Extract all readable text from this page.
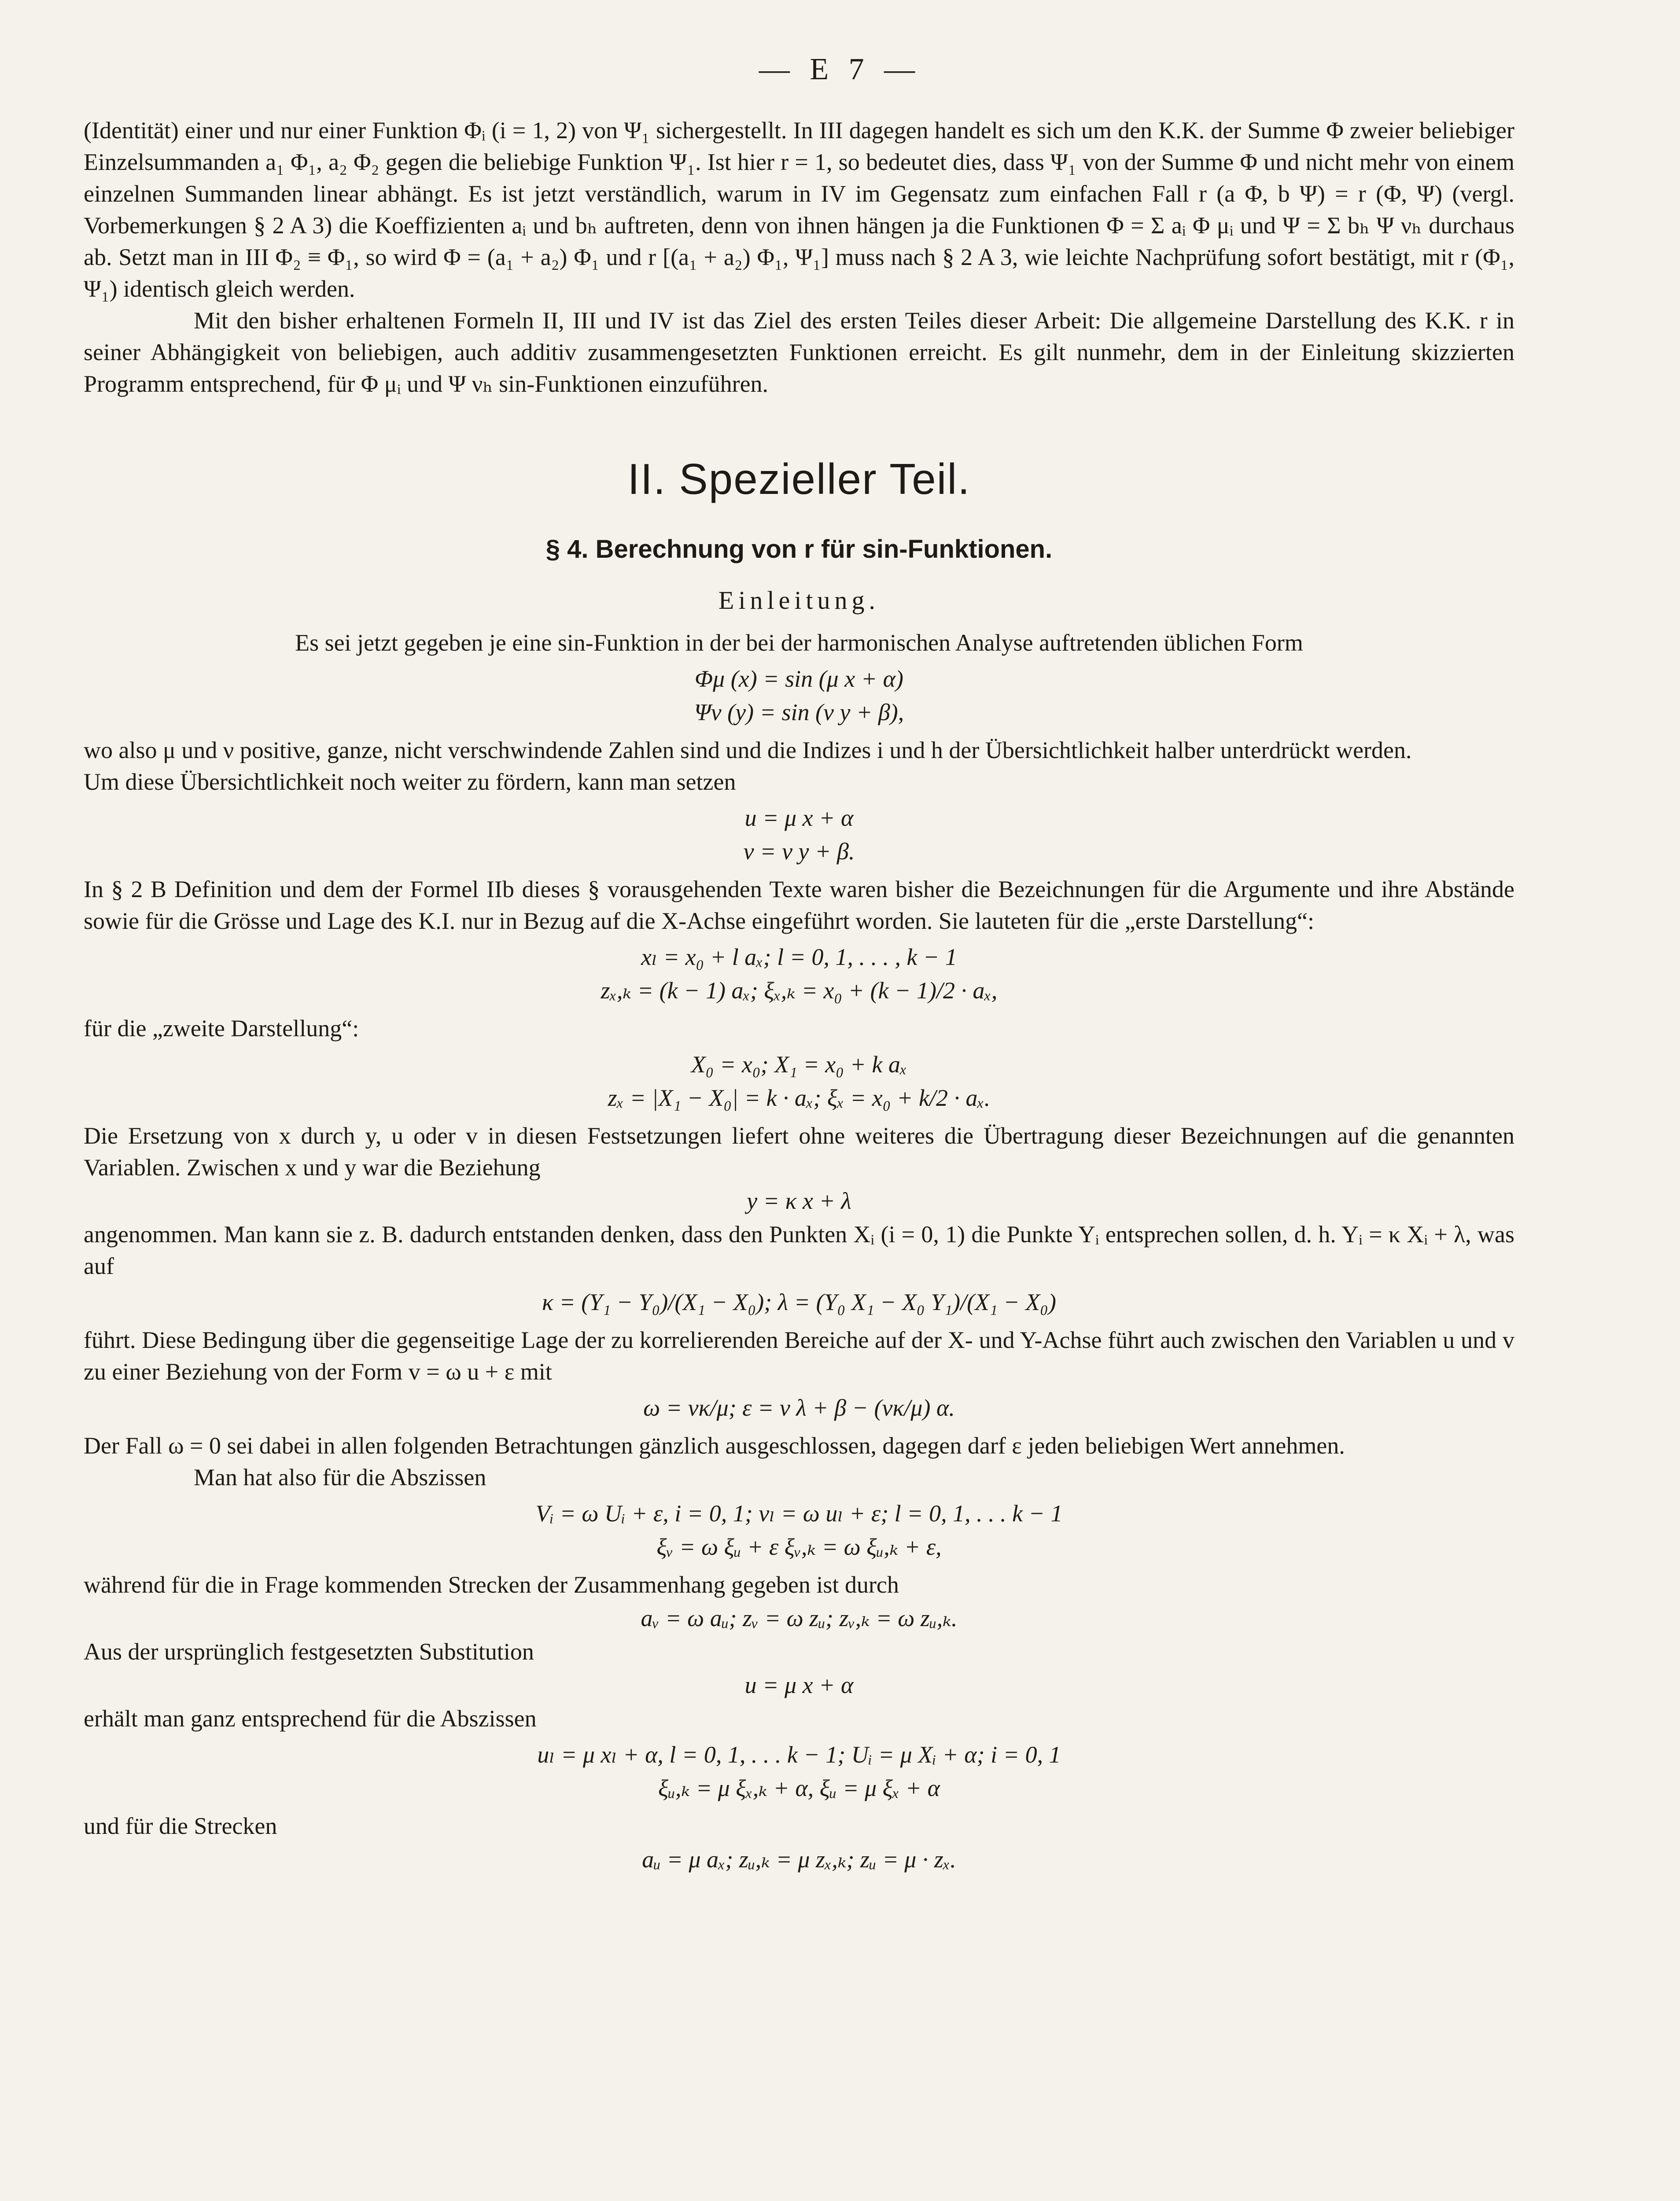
— E 7 —

(Identität) einer und nur einer Funktion Φᵢ (i = 1, 2) von Ψ₁ sichergestellt. In III dagegen handelt es sich um den K.K. der Summe Φ zweier beliebiger Einzelsummanden a₁ Φ₁, a₂ Φ₂ gegen die beliebige Funktion Ψ₁. Ist hier r = 1, so bedeutet dies, dass Ψ₁ von der Summe Φ und nicht mehr von einem einzelnen Summanden linear abhängt. Es ist jetzt verständlich, warum in IV im Gegensatz zum einfachen Fall r (a Φ, b Ψ) = r (Φ, Ψ) (vergl. Vorbemerkungen § 2 A 3) die Koeffizienten aᵢ und bₕ auftreten, denn von ihnen hängen ja die Funktionen Φ = Σ aᵢ Φ μᵢ und Ψ = Σ bₕ Ψ νₕ durchaus ab. Setzt man in III Φ₂ ≡ Φ₁, so wird Φ = (a₁ + a₂) Φ₁ und r [(a₁ + a₂) Φ₁, Ψ₁] muss nach § 2 A 3, wie leichte Nachprüfung sofort bestätigt, mit r (Φ₁, Ψ₁) identisch gleich werden.

Mit den bisher erhaltenen Formeln II, III und IV ist das Ziel des ersten Teiles dieser Arbeit: Die allgemeine Darstellung des K.K. r in seiner Abhängigkeit von beliebigen, auch additiv zusammengesetzten Funktionen erreicht. Es gilt nunmehr, dem in der Einleitung skizzierten Programm entsprechend, für Φ μᵢ und Ψ νₕ sin-Funktionen einzuführen.

II. Spezieller Teil.
§ 4. Berechnung von r für sin-Funktionen.
Einleitung.

Es sei jetzt gegeben je eine sin-Funktion in der bei der harmonischen Analyse auftretenden üblichen Form

Φμ (x) = sin (μ x + α)
Ψν (y) = sin (ν y + β),

wo also μ und ν positive, ganze, nicht verschwindende Zahlen sind und die Indizes i und h der Übersichtlichkeit halber unterdrückt werden.

Um diese Übersichtlichkeit noch weiter zu fördern, kann man setzen

u = μ x + α
v = ν y + β.

In § 2 B Definition und dem der Formel IIb dieses § vorausgehenden Texte waren bisher die Bezeichnungen für die Argumente und ihre Abstände sowie für die Grösse und Lage des K.I. nur in Bezug auf die X-Achse eingeführt worden. Sie lauteten für die „erste Darstellung“:

xₗ = x₀ + l aₓ; l = 0, 1, . . . , k − 1
zₓ,ₖ = (k − 1) aₓ; ξₓ,ₖ = x₀ + (k − 1)/2 · aₓ,

für die „zweite Darstellung“:

X₀ = x₀; X₁ = x₀ + k aₓ
zₓ = |X₁ − X₀| = k · aₓ; ξₓ = x₀ + k/2 · aₓ.

Die Ersetzung von x durch y, u oder v in diesen Festsetzungen liefert ohne weiteres die Übertragung dieser Bezeichnungen auf die genannten Variablen. Zwischen x und y war die Beziehung

y = κ x + λ

angenommen. Man kann sie z. B. dadurch entstanden denken, dass den Punkten Xᵢ (i = 0, 1) die Punkte Yᵢ entsprechen sollen, d. h. Yᵢ = κ Xᵢ + λ, was auf

κ = (Y₁ − Y₀)/(X₁ − X₀); λ = (Y₀ X₁ − X₀ Y₁)/(X₁ − X₀)

führt. Diese Bedingung über die gegenseitige Lage der zu korrelierenden Bereiche auf der X- und Y-Achse führt auch zwischen den Variablen u und v zu einer Beziehung von der Form v = ω u + ε mit

ω = νκ/μ; ε = ν λ + β − (νκ/μ) α.

Der Fall ω = 0 sei dabei in allen folgenden Betrachtungen gänzlich ausgeschlossen, dagegen darf ε jeden beliebigen Wert annehmen.

Man hat also für die Abszissen

Vᵢ = ω Uᵢ + ε, i = 0, 1; vₗ = ω uₗ + ε; l = 0, 1, . . . k − 1
ξᵥ = ω ξᵤ + ε ξᵥ,ₖ = ω ξᵤ,ₖ + ε,

während für die in Frage kommenden Strecken der Zusammenhang gegeben ist durch

aᵥ = ω aᵤ; zᵥ = ω zᵤ; zᵥ,ₖ = ω zᵤ,ₖ.

Aus der ursprünglich festgesetzten Substitution

u = μ x + α

erhält man ganz entsprechend für die Abszissen

uₗ = μ xₗ + α, l = 0, 1, . . . k − 1; Uᵢ = μ Xᵢ + α; i = 0, 1
ξᵤ,ₖ = μ ξₓ,ₖ + α, ξᵤ = μ ξₓ + α

und für die Strecken

aᵤ = μ aₓ; zᵤ,ₖ = μ zₓ,ₖ; zᵤ = μ · zₓ.
